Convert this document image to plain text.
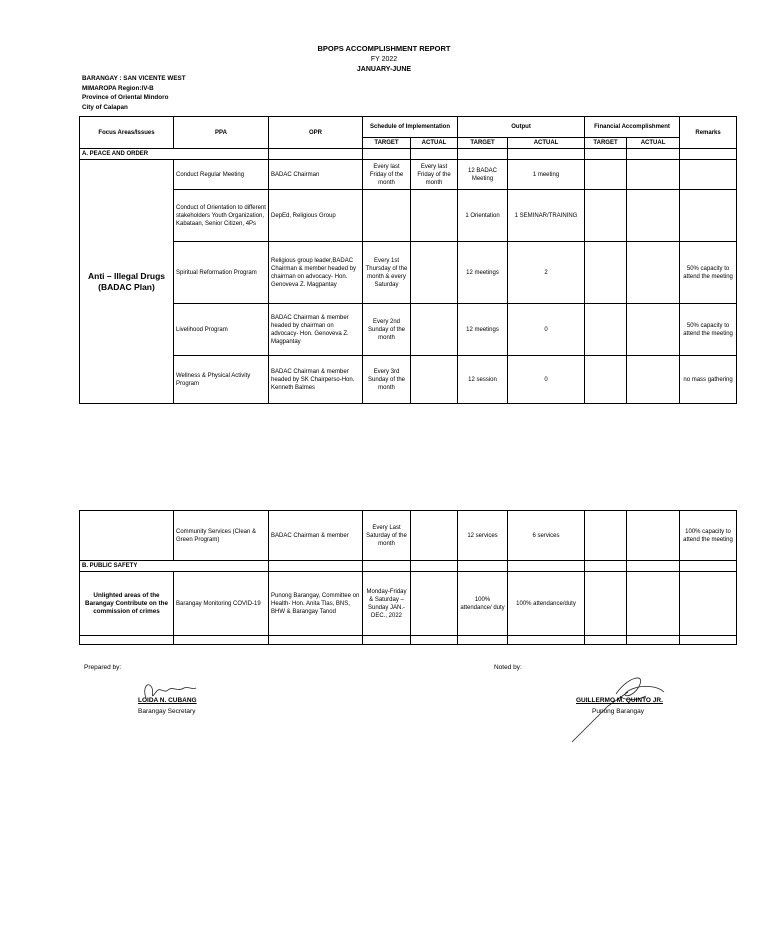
BPOPS ACCOMPLISHMENT REPORT
FY 2022
JANUARY-JUNE
BARANGAY : SAN VICENTE WEST
MIMAROPA Region:IV-B
Province of Oriental Mindoro
City of Calapan
Focus Areas/Issues	PPA	OPR	Schedule of Implementation		Output		Financial Accomplishment		Remarks
			TARGET	ACTUAL	TARGET	ACTUAL	TARGET	ACTUAL	
A. PEACE AND ORDER									
Anti – Illegal Drugs (BADAC Plan)	Conduct Regular Meeting	BADAC Chairman	Every last Friday of the month	Every last Friday of the month	12 BADAC Meeting	1 meeting			
	Conduct of Orientation to different stakeholders Youth Organization, Kabataan, Senior Citizen, 4Ps	DepEd, Religious Group			1 Orientation	1 SEMINAR/TRAINING			
	Spiritual Reformation Program	Religious group leader,BADAC Chairman & member headed by chairman on advocacy- Hon. Genoveva Z. Magpantay	Every 1st Thursday of the month & every Saturday		12 meetings	2			50% capacity to attend the meeting
	Livelihood Program	BADAC Chairman & member headed by chairman on advocacy- Hon. Genoveva Z. Magpantay	Every 2nd Sunday of the month		12 meetings	0			50% capacity to attend the meeting
	Wellness & Physical Activity Program	BADAC Chairman & member headed by SK Chairperso-Hon. Kenneth Balmes	Every 3rd Sunday of the month		12 session	0			no mass gathering
	Community Services (Clean & Green Program)	BADAC Chairman & member	Every Last Saturday of the month		12 services	6 services			100% capacity to attend the meeting
B. PUBLIC SAFETY									
Unlighted areas of the Barangay Contribute on the commission of crimes	Barangay Monitoring COVID-19	Punong Barangay, Committee on Health- Hon. Anita Tlas, BNS, BHW & Barangay Tanod	Monday-Friday & Saturday – Sunday JAN.-DEC., 2022		100% attendance/ duty	100% attendance/duty			

Prepared by:	Noted by:
LOIDA N. CUBANG
Barangay Secretary
GUILLERMO M. QUINTO JR.
Punong Barangay
